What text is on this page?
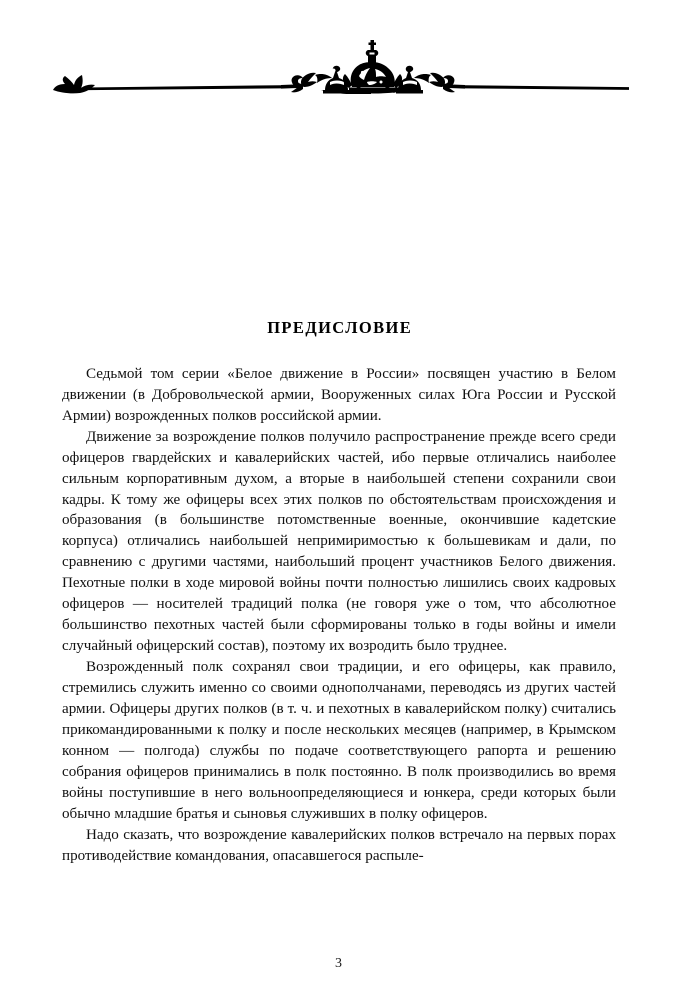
ПРЕДИСЛОВИЕ

Седьмой том серии «Белое движение в России» посвящен участию в Белом движении (в Добровольческой армии, Вооруженных силах Юга России и Русской Армии) возрожденных полков российской армии.

Движение за возрождение полков получило распространение прежде всего среди офицеров гвардейских и кавалерийских частей, ибо первые отличались наиболее сильным корпоративным духом, а вторые в наибольшей степени сохранили свои кадры. К тому же офицеры всех этих полков по обстоятельствам происхождения и образования (в большинстве потомственные военные, окончившие кадетские корпуса) отличались наибольшей непримиримостью к большевикам и дали, по сравнению с другими частями, наибольший процент участников Белого движения. Пехотные полки в ходе мировой войны почти полностью лишились своих кадровых офицеров — носителей традиций полка (не говоря уже о том, что абсолютное большинство пехотных частей были сформированы только в годы войны и имели случайный офицерский состав), поэтому их возродить было труднее.

Возрожденный полк сохранял свои традиции, и его офицеры, как правило, стремились служить именно со своими однополчанами, переводясь из других частей армии. Офицеры других полков (в т. ч. и пехотных в кавалерийском полку) считались прикомандированными к полку и после нескольких месяцев (например, в Крымском конном — полгода) службы по подаче соответствующего рапорта и решению собрания офицеров принимались в полк постоянно. В полк производились во время войны поступившие в него вольноопределяющиеся и юнкера, среди которых были обычно младшие братья и сыновья служивших в полку офицеров.

Надо сказать, что возрождение кавалерийских полков встречало на первых порах противодействие командования, опасавшегося распыле-

3
